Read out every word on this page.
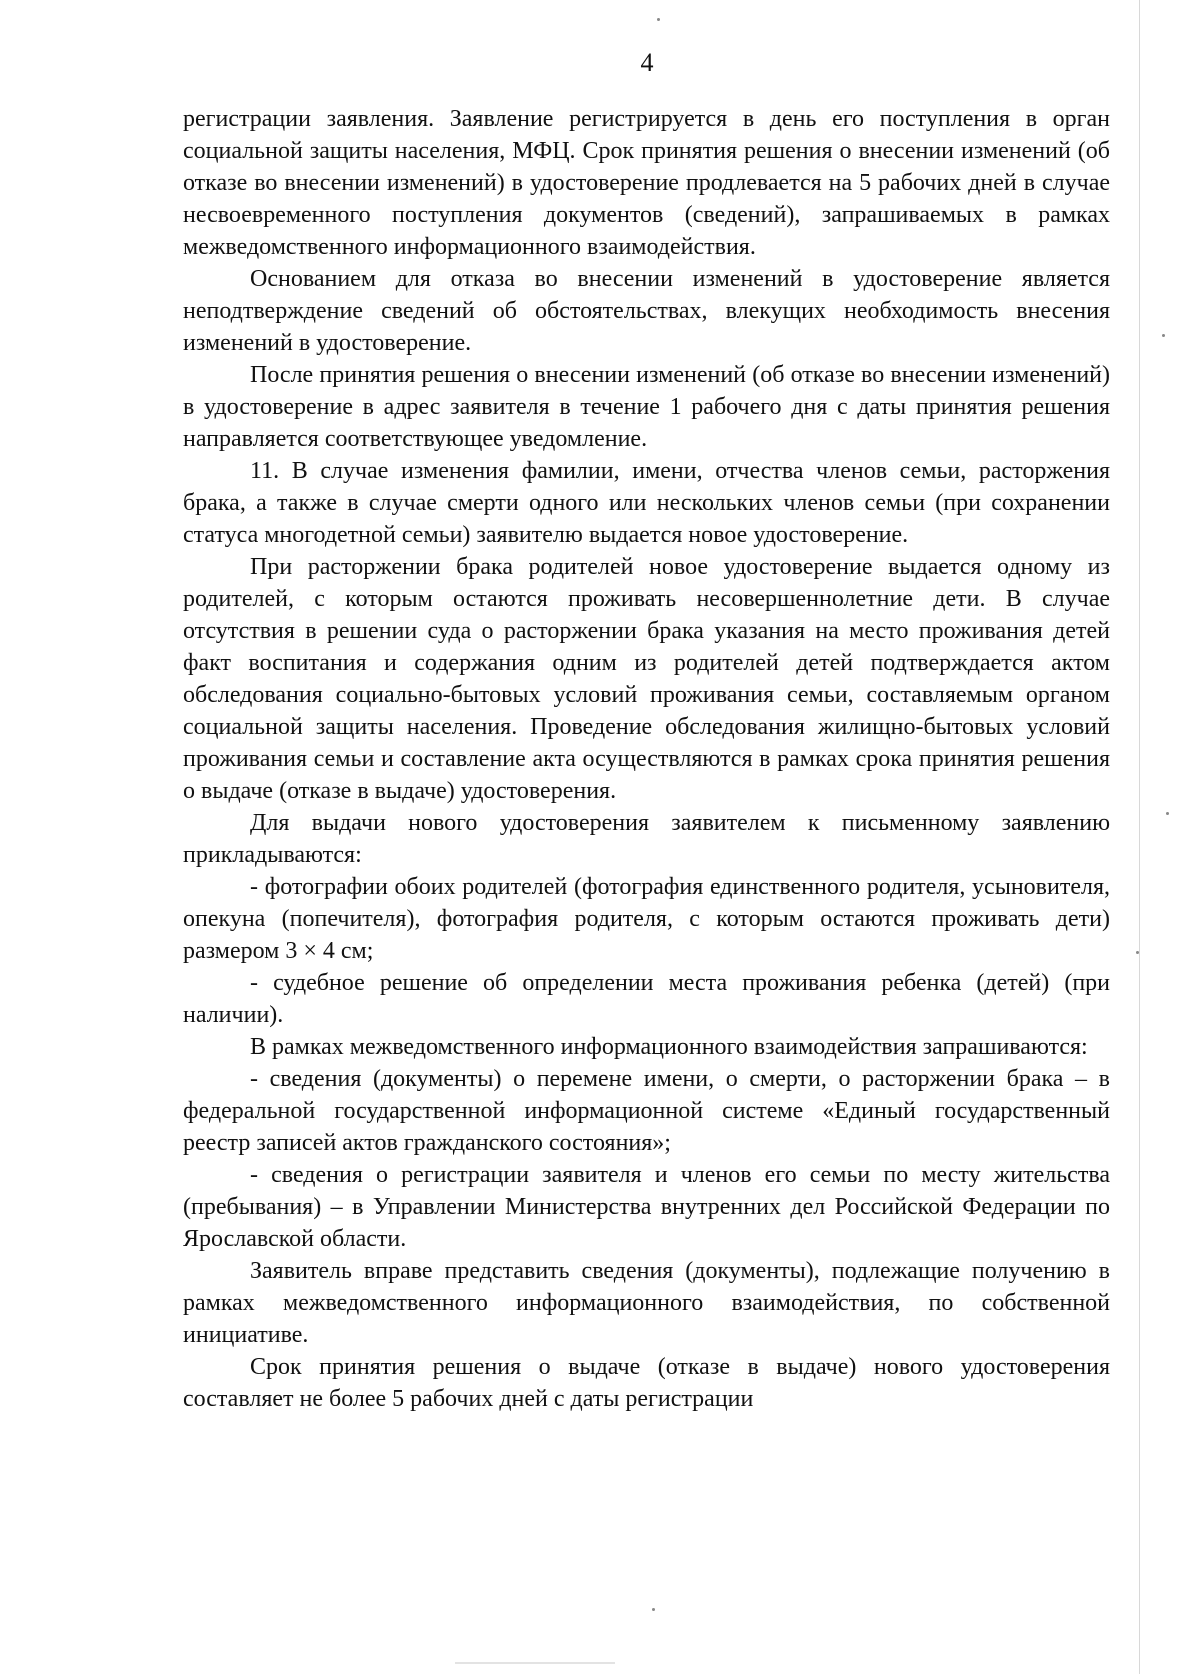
4

регистрации заявления. Заявление регистрируется в день его поступления в орган социальной защиты населения, МФЦ. Срок принятия решения о внесении изменений (об отказе во внесении изменений) в удостоверение продлевается на 5 рабочих дней в случае несвоевременного поступления документов (сведений), запрашиваемых в рамках межведомственного информационного взаимодействия.

Основанием для отказа во внесении изменений в удостоверение является неподтверждение сведений об обстоятельствах, влекущих необходимость внесения изменений в удостоверение.

После принятия решения о внесении изменений (об отказе во внесении изменений) в удостоверение в адрес заявителя в течение 1 рабочего дня с даты принятия решения направляется соответствующее уведомление.

11. В случае изменения фамилии, имени, отчества членов семьи, расторжения брака, а также в случае смерти одного или нескольких членов семьи (при сохранении статуса многодетной семьи) заявителю выдается новое удостоверение.

При расторжении брака родителей новое удостоверение выдается одному из родителей, с которым остаются проживать несовершеннолетние дети. В случае отсутствия в решении суда о расторжении брака указания на место проживания детей факт воспитания и содержания одним из родителей детей подтверждается актом обследования социально-бытовых условий проживания семьи, составляемым органом социальной защиты населения. Проведение обследования жилищно-бытовых условий проживания семьи и составление акта осуществляются в рамках срока принятия решения о выдаче (отказе в выдаче) удостоверения.

Для выдачи нового удостоверения заявителем к письменному заявлению прикладываются:

- фотографии обоих родителей (фотография единственного родителя, усыновителя, опекуна (попечителя), фотография родителя, с которым остаются проживать дети) размером 3 × 4 см;

- судебное решение об определении места проживания ребенка (детей) (при наличии).

В рамках межведомственного информационного взаимодействия запрашиваются:

- сведения (документы) о перемене имени, о смерти, о расторжении брака – в федеральной государственной информационной системе «Единый государственный реестр записей актов гражданского состояния»;

- сведения о регистрации заявителя и членов его семьи по месту жительства (пребывания) – в Управлении Министерства внутренних дел Российской Федерации по Ярославской области.

Заявитель вправе представить сведения (документы), подлежащие получению в рамках межведомственного информационного взаимодействия, по собственной инициативе.

Срок принятия решения о выдаче (отказе в выдаче) нового удостоверения составляет не более 5 рабочих дней с даты регистрации
